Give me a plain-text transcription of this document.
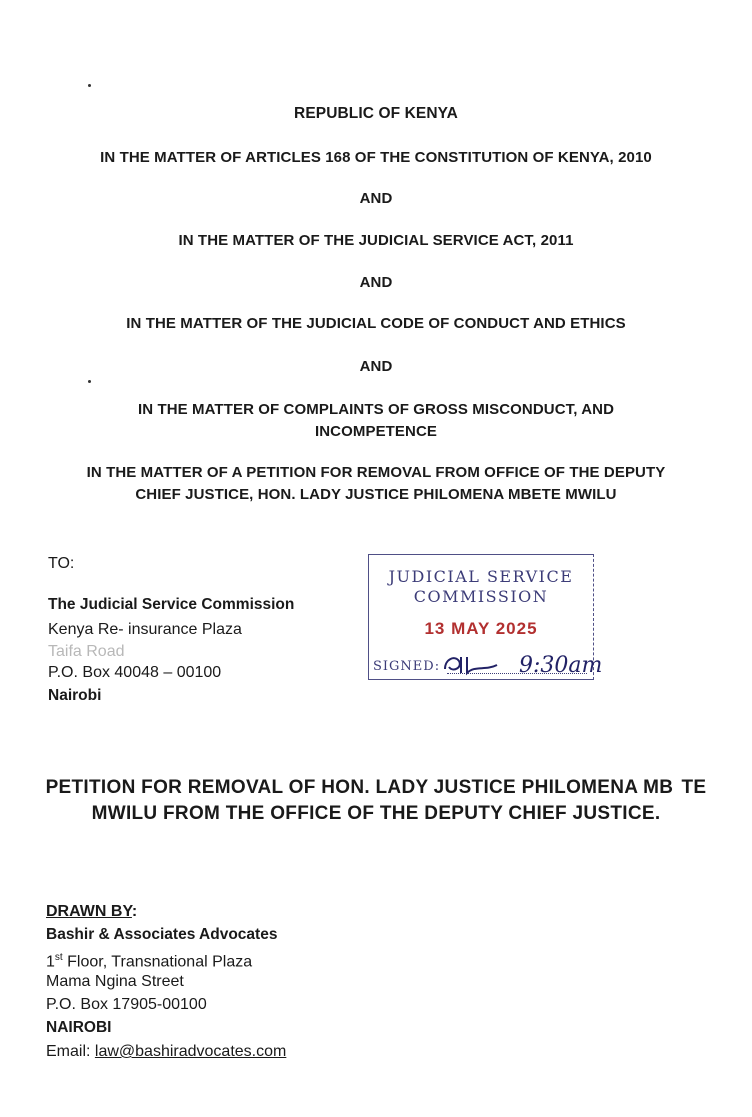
REPUBLIC OF KENYA
IN THE MATTER OF ARTICLES 168 OF THE CONSTITUTION OF KENYA, 2010
AND
IN THE MATTER OF THE JUDICIAL SERVICE ACT, 2011
AND
IN THE MATTER OF THE JUDICIAL CODE OF CONDUCT AND ETHICS
AND
IN THE MATTER OF COMPLAINTS OF GROSS MISCONDUCT, AND
INCOMPETENCE
IN THE MATTER OF A PETITION FOR REMOVAL FROM OFFICE OF THE DEPUTY
CHIEF JUSTICE, HON. LADY JUSTICE PHILOMENA MBETE MWILU
TO:
The Judicial Service Commission
Kenya Re- insurance Plaza
Taifa Road
P.O. Box 40048 – 00100
Nairobi
JUDICIAL SERVICE
COMMISSION
13 MAY 2025
SIGNED:	9:30am
PETITION FOR REMOVAL OF HON. LADY JUSTICE PHILOMENA MB  TE
MWILU FROM THE OFFICE OF THE DEPUTY CHIEF JUSTICE.
DRAWN BY:
Bashir & Associates Advocates
1st Floor, Transnational Plaza
Mama Ngina Street
P.O. Box 17905-00100
NAIROBI
Email: law@bashiradvocates.com
